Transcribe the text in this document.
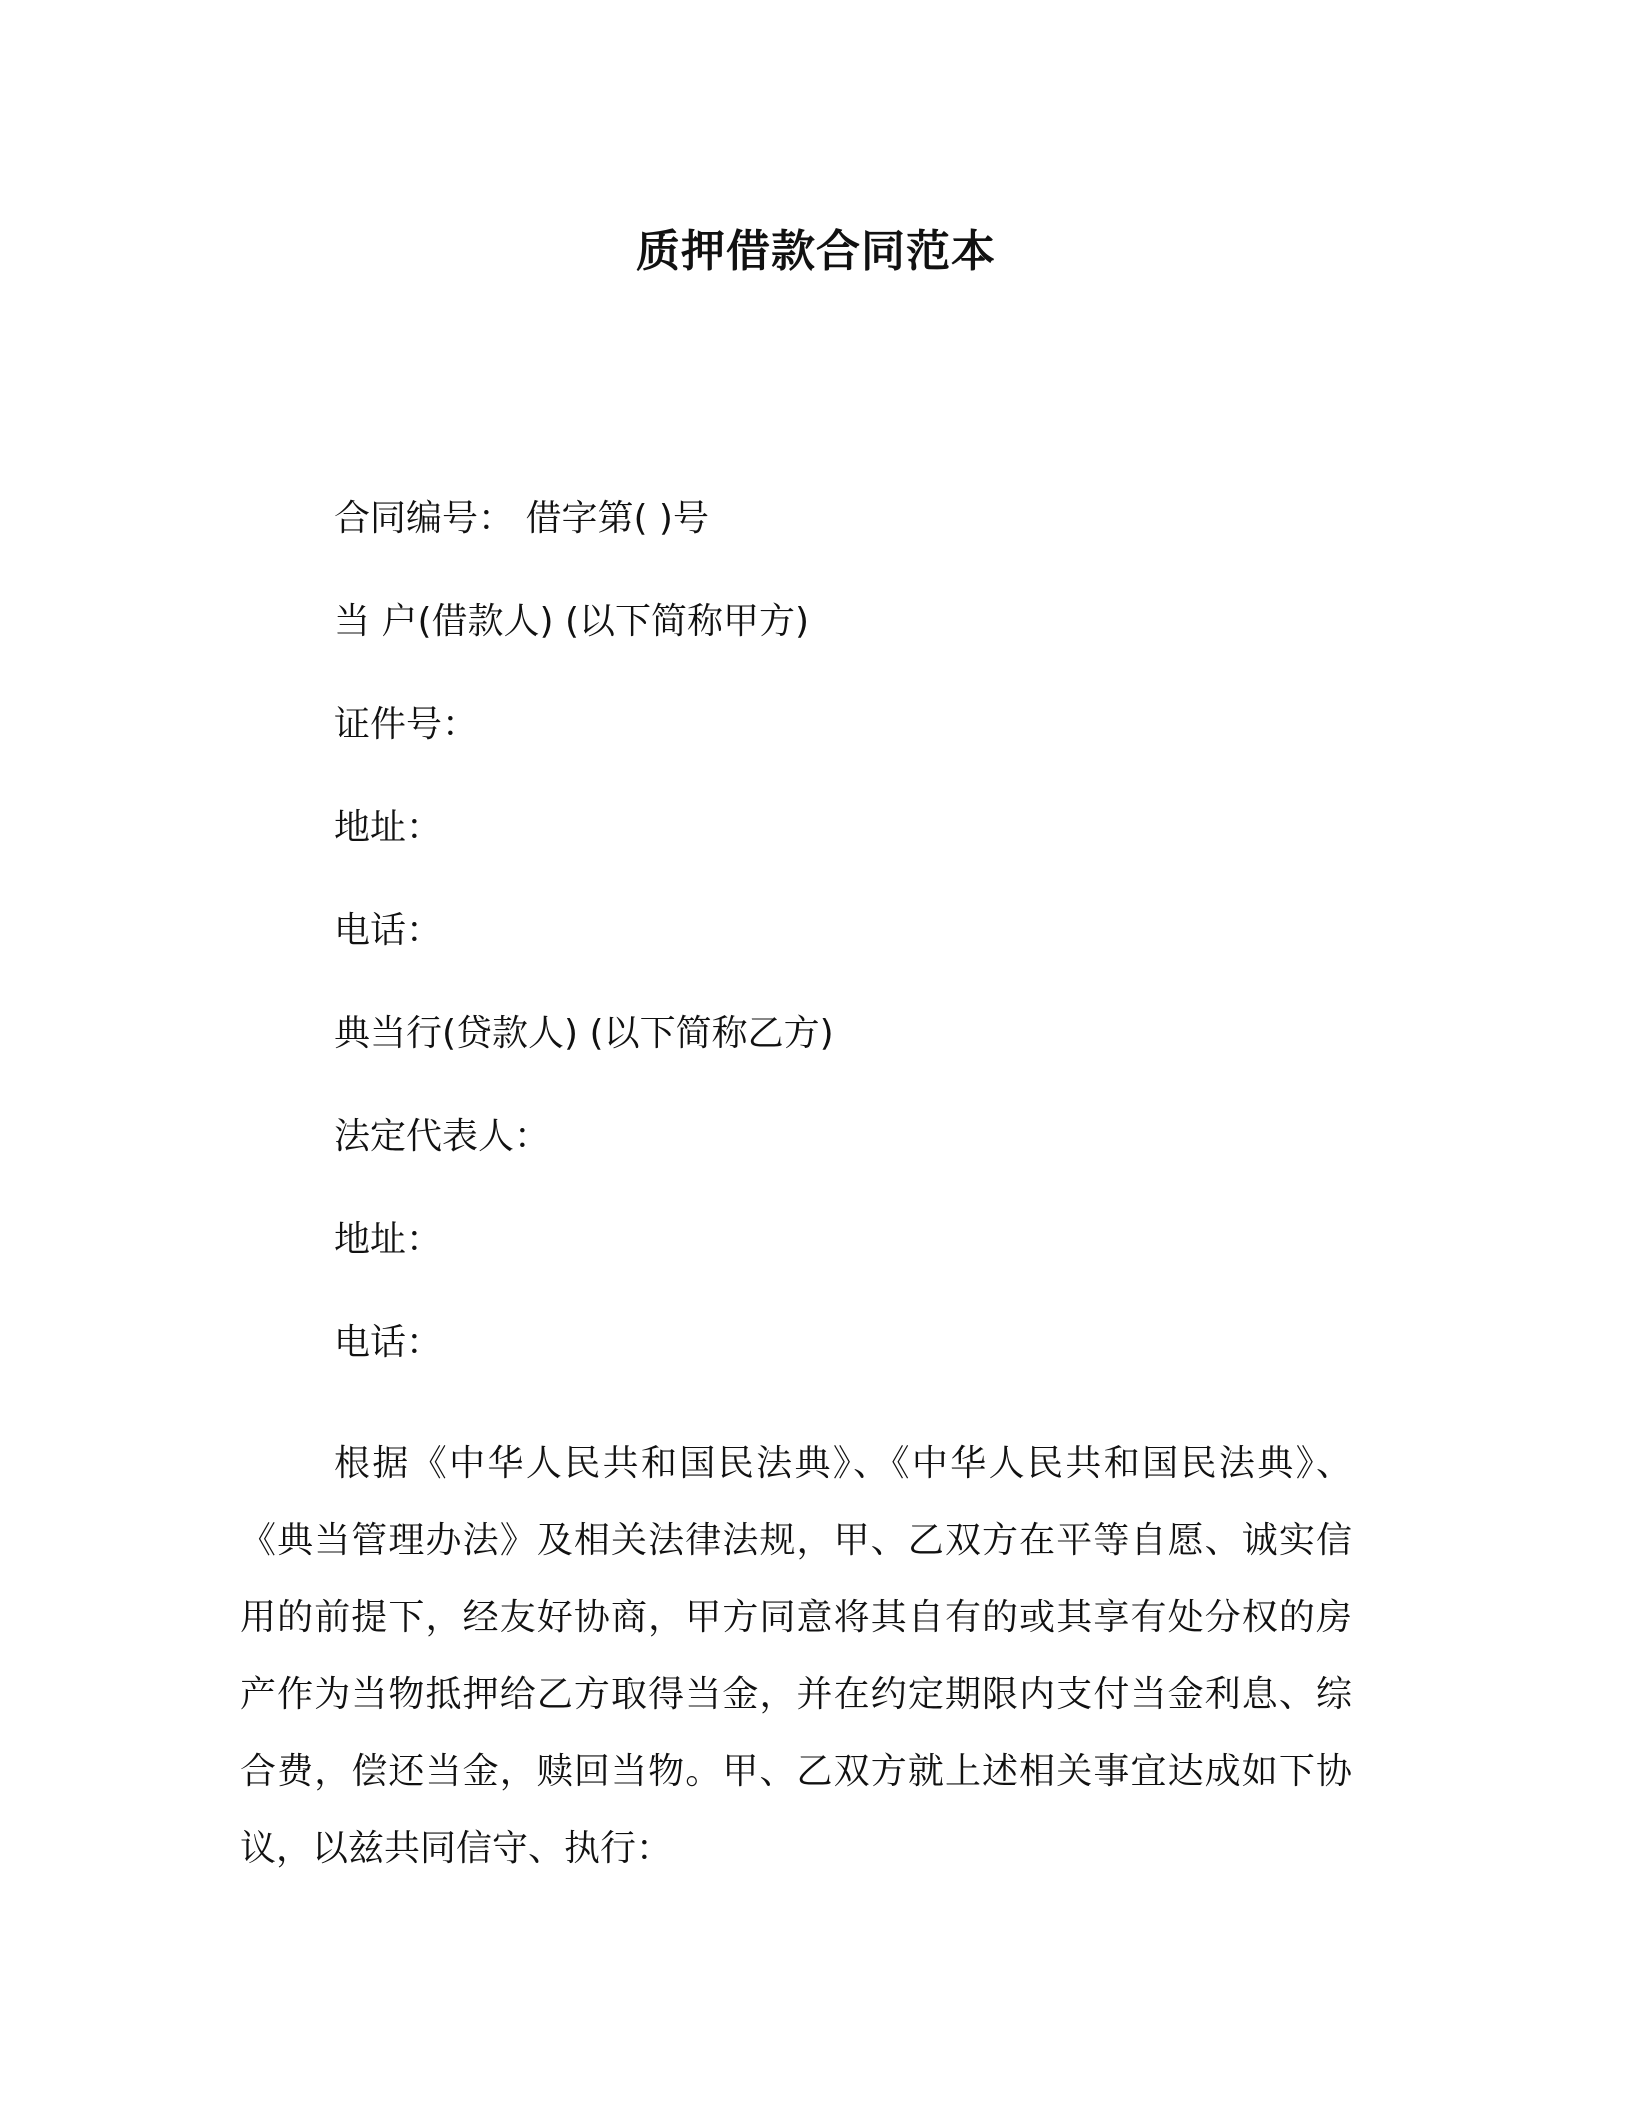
质押借款合同范本
合同编号： 借字第( )号
当 户(借款人) (以下简称甲方)
证件号：
地址：
电话：
典当行(贷款人) (以下简称乙方)
法定代表人：
地址：
电话：
根据《中华人民共和国民法典》、《中华人民共和国民法典》、
《典当管理办法》及相关法律法规，甲、乙双方在平等自愿、诚实信
用的前提下，经友好协商，甲方同意将其自有的或其享有处分权的房
产作为当物抵押给乙方取得当金，并在约定期限内支付当金利息、综
合费，偿还当金，赎回当物。甲、乙双方就上述相关事宜达成如下协
议，以兹共同信守、执行：
